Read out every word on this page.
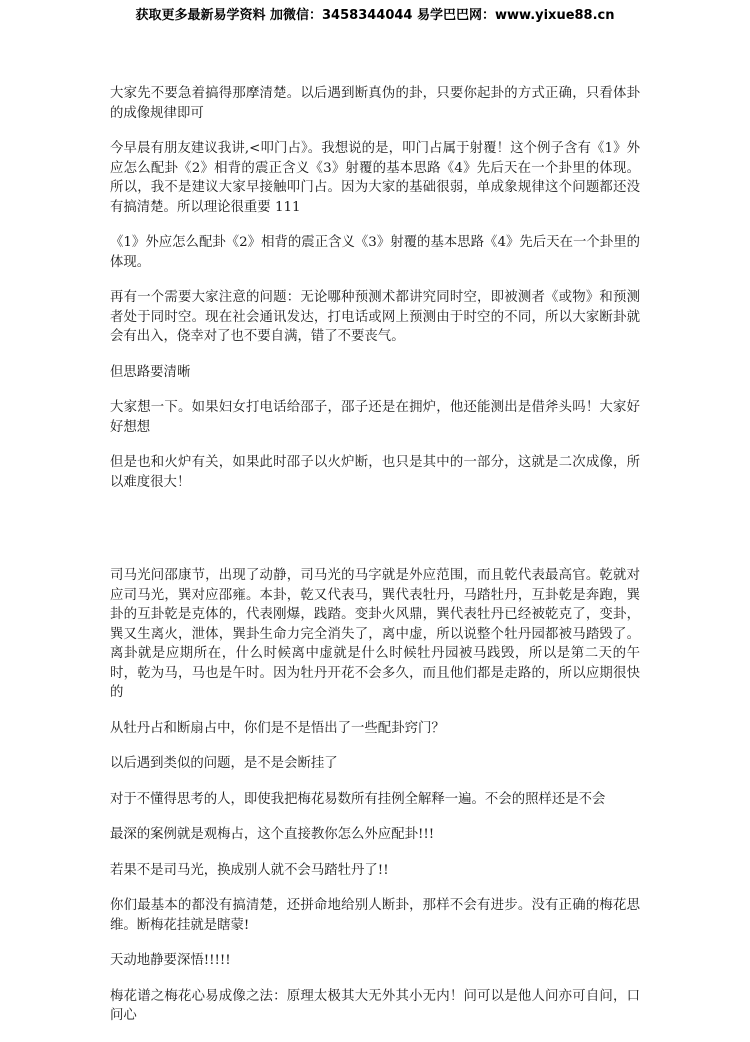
获取更多最新易学资料 加微信：3458344044 易学巴巴网：www.yixue88.cn

大家先不要急着搞得那摩清楚。以后遇到断真伪的卦，只要你起卦的方式正确，只看体卦的成像规律即可

今早晨有朋友建议我讲,<叩门占》。我想说的是，叩门占属于射覆！这个例子含有《1》外应怎么配卦《2》相背的震正含义《3》射覆的基本思路《4》先后天在一个卦里的体现。所以，我不是建议大家早接触叩门占。因为大家的基础很弱，单成象规律这个问题都还没有搞清楚。所以理论很重要 111

《1》外应怎么配卦《2》相背的震正含义《3》射覆的基本思路《4》先后天在一个卦里的体现。

再有一个需要大家注意的问题：无论哪种预测术都讲究同时空，即被测者《或物》和预测者处于同时空。现在社会通讯发达，打电话或网上预测由于时空的不同，所以大家断卦就会有出入，侥幸对了也不要自满，错了不要丧气。

但思路要清晰

大家想一下。如果妇女打电话给邵子，邵子还是在拥炉，他还能测出是借斧头吗！大家好好想想

但是也和火炉有关，如果此时邵子以火炉断，也只是其中的一部分，这就是二次成像，所以难度很大！

司马光问邵康节，出现了动静，司马光的马字就是外应范围，而且乾代表最高官。乾就对应司马光，巽对应邵雍。本卦，乾又代表马，巽代表牡丹，马踏牡丹，互卦乾是奔跑，巽卦的互卦乾是克体的，代表刚爆，践踏。变卦火风鼎，巽代表牡丹已经被乾克了，变卦，巽又生离火，泄体，巽卦生命力完全消失了，离中虚，所以说整个牡丹园都被马踏毁了。离卦就是应期所在，什么时候离中虚就是什么时候牡丹园被马践毁，所以是第二天的午时，乾为马，马也是午时。因为牡丹开花不会多久，而且他们都是走路的，所以应期很快的

从牡丹占和断扇占中，你们是不是悟出了一些配卦窍门？

以后遇到类似的问题，是不是会断挂了

对于不懂得思考的人，即使我把梅花易数所有挂例全解释一遍。不会的照样还是不会

最深的案例就是观梅占，这个直接教你怎么外应配卦!!!

若果不是司马光，换成别人就不会马踏牡丹了!!

你们最基本的都没有搞清楚，还拼命地给别人断卦，那样不会有进步。没有正确的梅花思维。断梅花挂就是瞎蒙!

天动地静要深悟!!!!!

梅花谱之梅花心易成像之法：原理太极其大无外其小无内！问可以是他人问亦可自问，口问心
